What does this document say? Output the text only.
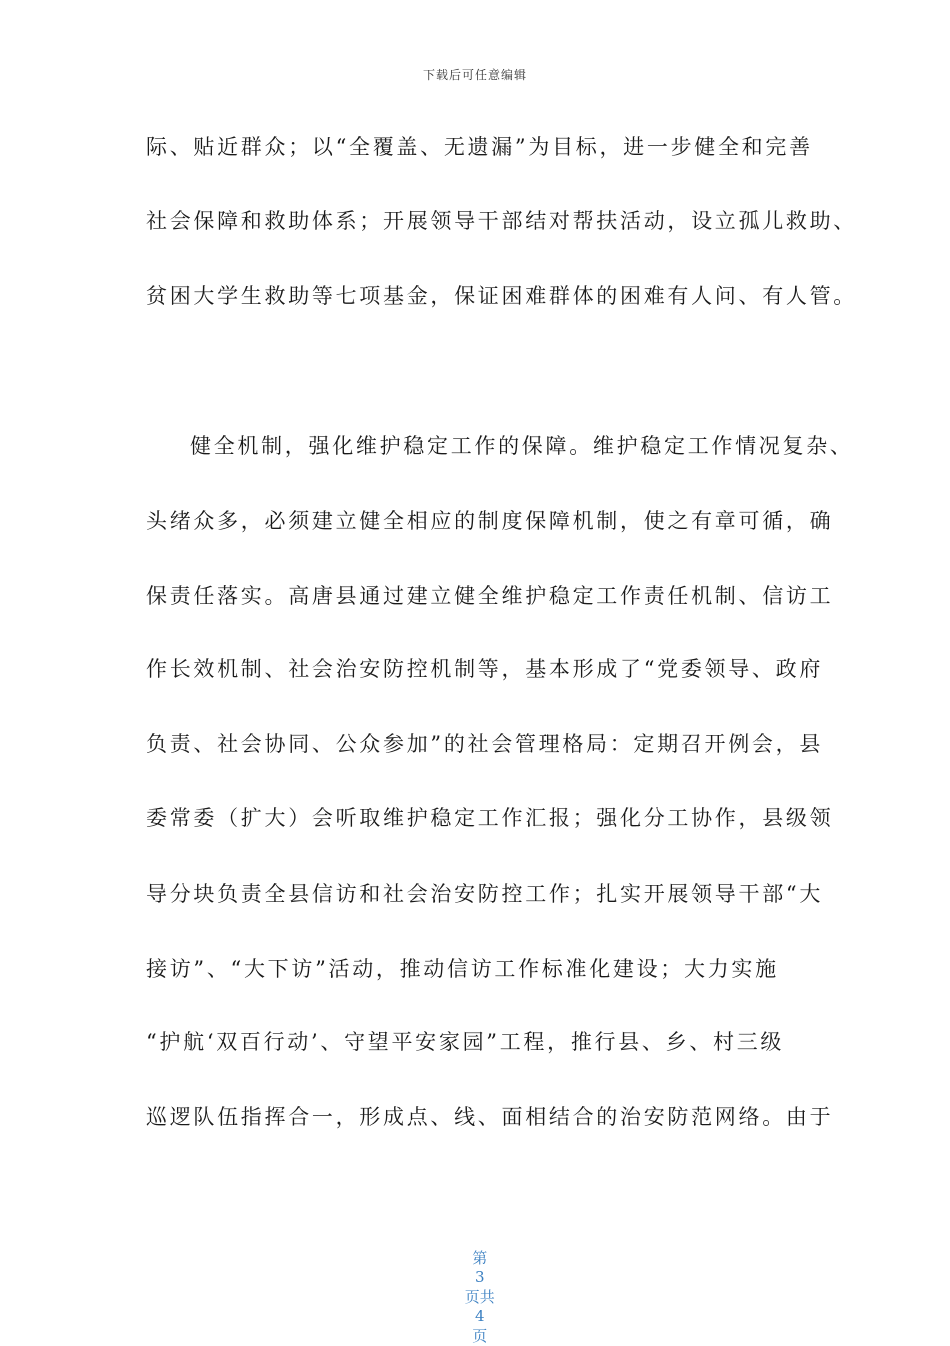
下载后可任意编辑
际、贴近群众；以“全覆盖、无遗漏”为目标，进一步健全和完善
社会保障和救助体系；开展领导干部结对帮扶活动，设立孤儿救助、
贫困大学生救助等七项基金，保证困难群体的困难有人问、有人管。
健全机制，强化维护稳定工作的保障。维护稳定工作情况复杂、
头绪众多，必须建立健全相应的制度保障机制，使之有章可循，确
保责任落实。高唐县通过建立健全维护稳定工作责任机制、信访工
作长效机制、社会治安防控机制等，基本形成了“党委领导、政府
负责、社会协同、公众参加”的社会管理格局：定期召开例会，县
委常委（扩大）会听取维护稳定工作汇报；强化分工协作，县级领
导分块负责全县信访和社会治安防控工作；扎实开展领导干部“大
接访”、“大下访”活动，推动信访工作标准化建设；大力实施
“护航‘双百行动’、守望平安家园”工程，推行县、乡、村三级
巡逻队伍指挥合一，形成点、线、面相结合的治安防范网络。由于

第
3
页共
4
页
